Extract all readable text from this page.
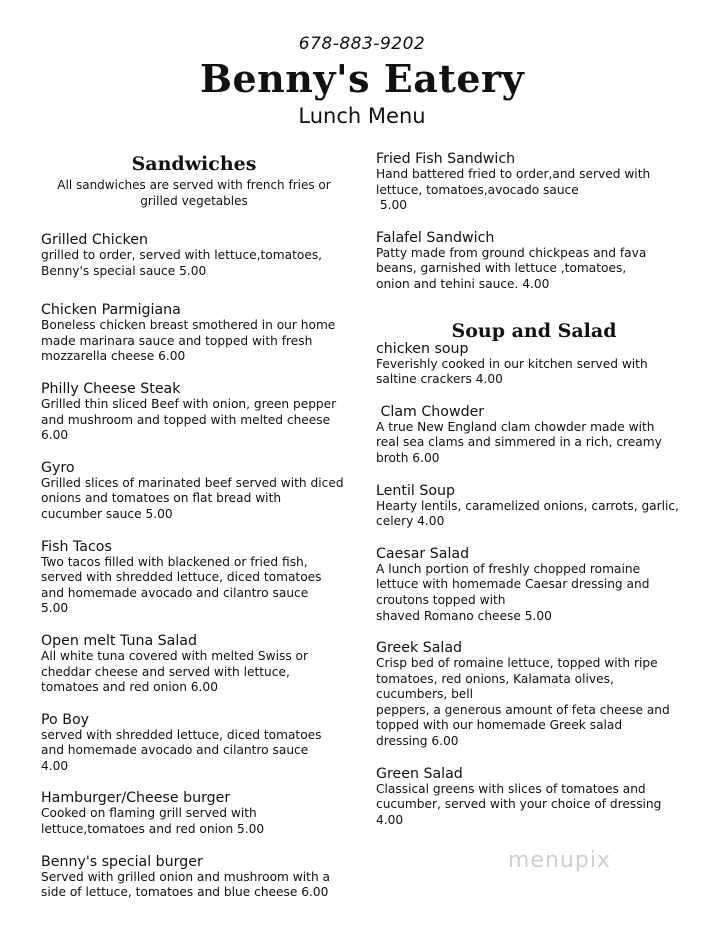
678-883-9202
Benny's Eatery
Lunch Menu
Sandwiches
All sandwiches are served with french fries or
grilled vegetables
Grilled Chicken
grilled to order, served with lettuce,tomatoes,
Benny's special sauce 5.00
Chicken Parmigiana
Boneless chicken breast smothered in our home
made marinara sauce and topped with fresh
mozzarella cheese 6.00
Philly Cheese Steak
Grilled thin sliced Beef with onion, green pepper
and mushroom and topped with melted cheese
6.00
Gyro
Grilled slices of marinated beef served with diced
onions and tomatoes on flat bread with
cucumber sauce 5.00
Fish Tacos
Two tacos filled with blackened or fried fish,
served with shredded lettuce, diced tomatoes
and homemade avocado and cilantro sauce
5.00
Open melt Tuna Salad
All white tuna covered with melted Swiss or
cheddar cheese and served with lettuce,
tomatoes and red onion 6.00
Po Boy
served with shredded lettuce, diced tomatoes
and homemade avocado and cilantro sauce
4.00
Hamburger/Cheese burger
Cooked on flaming grill served with
lettuce,tomatoes and red onion 5.00
Benny's special burger
Served with grilled onion and mushroom with a
side of lettuce, tomatoes and blue cheese 6.00
Fried Fish Sandwich
Hand battered fried to order,and served with
lettuce, tomatoes,avocado sauce
5.00
Falafel Sandwich
Patty made from ground chickpeas and fava
beans, garnished with lettuce ,tomatoes,
onion and tehini sauce. 4.00
Soup and Salad
chicken soup
Feverishly cooked in our kitchen served with
saltine crackers 4.00
Clam Chowder
A true New England clam chowder made with
real sea clams and simmered in a rich, creamy
broth 6.00
Lentil Soup
Hearty lentils, caramelized onions, carrots, garlic,
celery 4.00
Caesar Salad
A lunch portion of freshly chopped romaine
lettuce with homemade Caesar dressing and
croutons topped with
shaved Romano cheese 5.00
Greek Salad
Crisp bed of romaine lettuce, topped with ripe
tomatoes, red onions, Kalamata olives,
cucumbers, bell
peppers, a generous amount of feta cheese and
topped with our homemade Greek salad
dressing 6.00
Green Salad
Classical greens with slices of tomatoes and
cucumber, served with your choice of dressing
4.00
menupix
